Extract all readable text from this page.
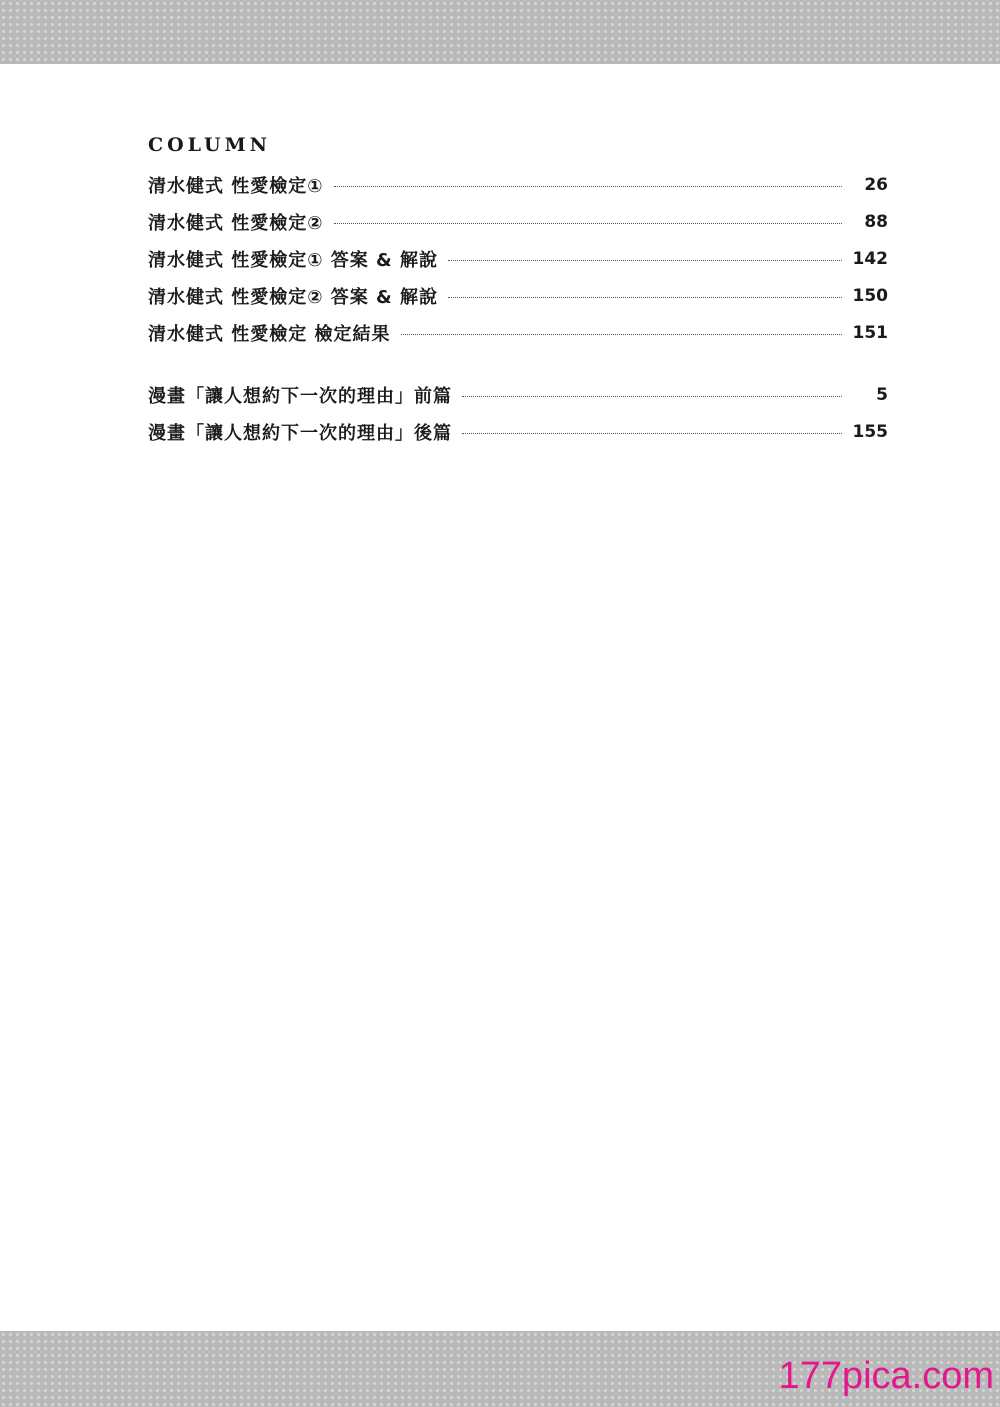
COLUMN
清水健式 性愛檢定①	26
清水健式 性愛檢定②	88
清水健式 性愛檢定① 答案 & 解說	142
清水健式 性愛檢定② 答案 & 解說	150
清水健式 性愛檢定 檢定結果	151
漫畫「讓人想約下一次的理由」前篇	5
漫畫「讓人想約下一次的理由」後篇	155
177pica.com
